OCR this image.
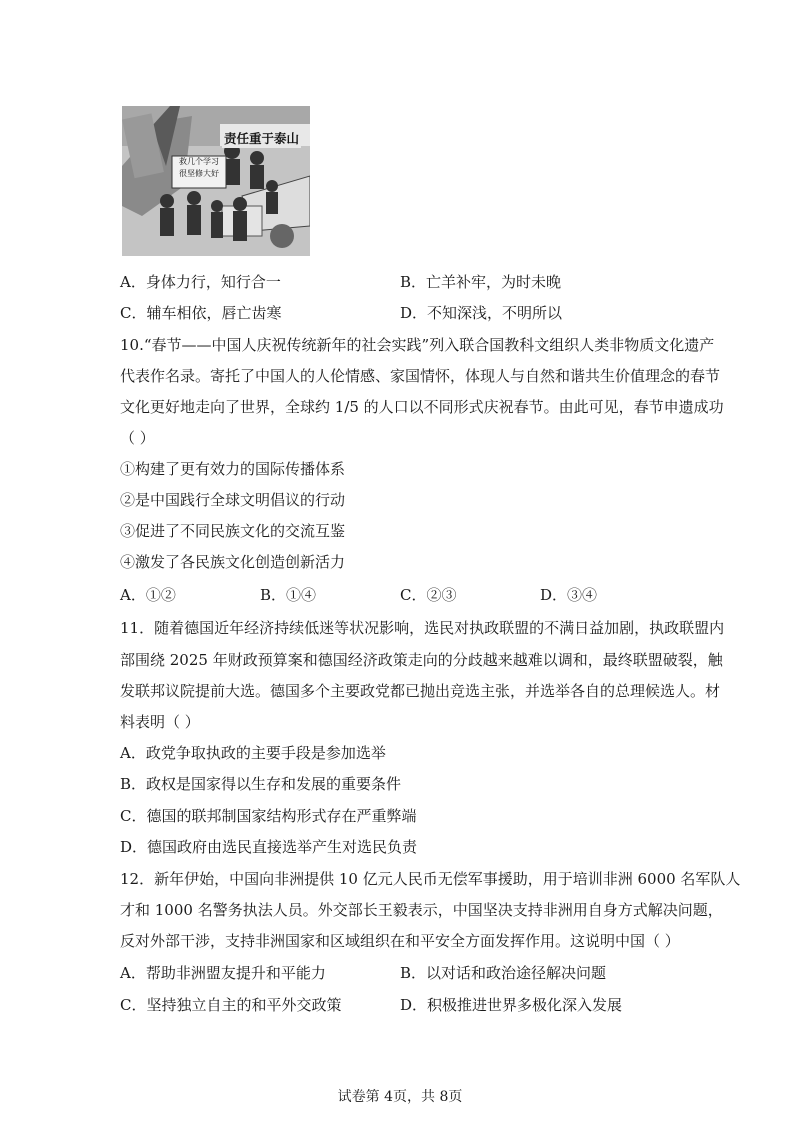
责任重于泰山
救几个学习 很坚修大好
A．身体力行，知行合一	B．亡羊补牢，为时未晚
C．辅车相依，唇亡齿寒	D．不知深浅，不明所以
10.“春节——中国人庆祝传统新年的社会实践”列入联合国教科文组织人类非物质文化遗产
代表作名录。寄托了中国人的人伦情感、家国情怀，体现人与自然和谐共生价值理念的春节
文化更好地走向了世界，全球约 1/5 的人口以不同形式庆祝春节。由此可见，春节申遗成功
（ ）
①构建了更有效力的国际传播体系
②是中国践行全球文明倡议的行动
③促进了不同民族文化的交流互鉴
④激发了各民族文化创造创新活力
A．①②	B．①④	C．②③	D．③④
11．随着德国近年经济持续低迷等状况影响，选民对执政联盟的不满日益加剧，执政联盟内
部围绕 2025 年财政预算案和德国经济政策走向的分歧越来越难以调和，最终联盟破裂，触
发联邦议院提前大选。德国多个主要政党都已抛出竞选主张，并选举各自的总理候选人。材
料表明（ ）
A．政党争取执政的主要手段是参加选举
B．政权是国家得以生存和发展的重要条件
C．德国的联邦制国家结构形式存在严重弊端
D．德国政府由选民直接选举产生对选民负责
12．新年伊始，中国向非洲提供 10 亿元人民币无偿军事援助，用于培训非洲 6000 名军队人
才和 1000 名警务执法人员。外交部长王毅表示，中国坚决支持非洲用自身方式解决问题，
反对外部干涉，支持非洲国家和区域组织在和平安全方面发挥作用。这说明中国（ ）
A．帮助非洲盟友提升和平能力	B．以对话和政治途径解决问题
C．坚持独立自主的和平外交政策	D．积极推进世界多极化深入发展
试卷第 4页，共 8页
